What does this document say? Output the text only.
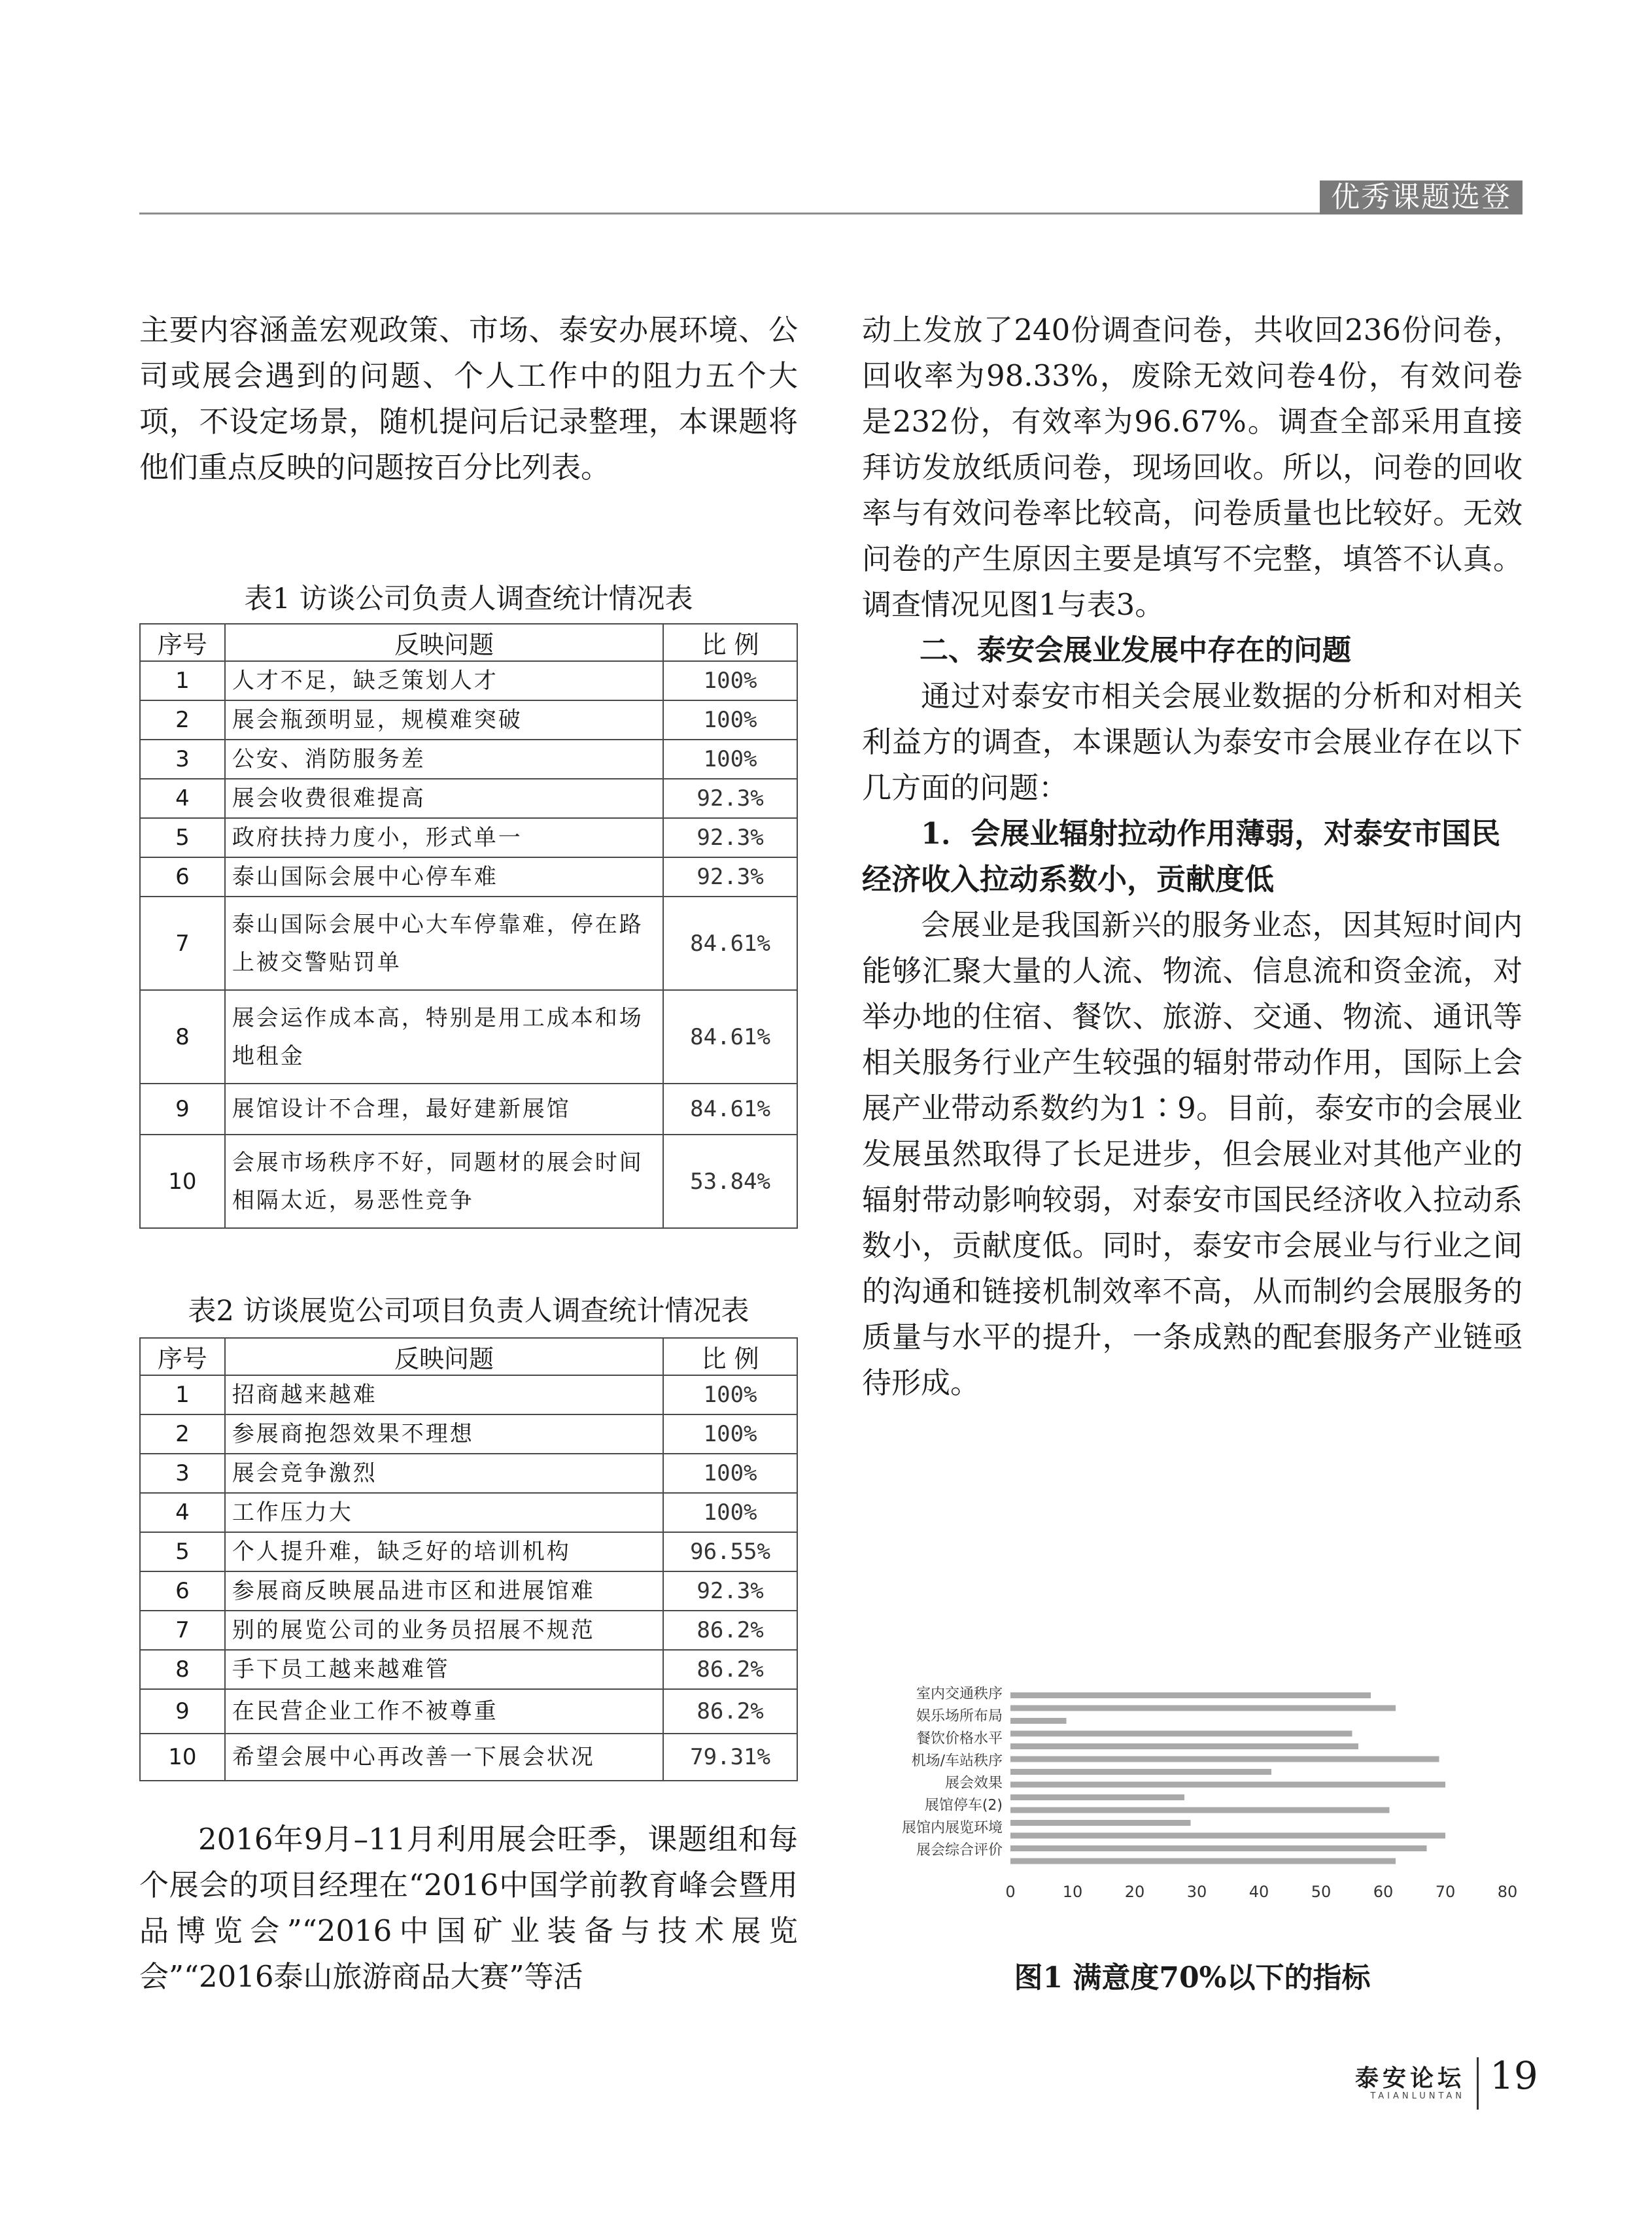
优秀课题选登

主要内容涵盖宏观政策、市场、泰安办展环境、公司或展会遇到的问题、个人工作中的阻力五个大项，不设定场景，随机提问后记录整理，本课题将他们重点反映的问题按百分比列表。

表1 访谈公司负责人调查统计情况表
序号	反映问题	比 例
1	人才不足，缺乏策划人才	100%
2	展会瓶颈明显，规模难突破	100%
3	公安、消防服务差	100%
4	展会收费很难提高	92.3%
5	政府扶持力度小，形式单一	92.3%
6	泰山国际会展中心停车难	92.3%
7	泰山国际会展中心大车停靠难，停在路上被交警贴罚单	84.61%
8	展会运作成本高，特别是用工成本和场地租金	84.61%
9	展馆设计不合理，最好建新展馆	84.61%
10	会展市场秩序不好，同题材的展会时间相隔太近，易恶性竞争	53.84%
表2 访谈展览公司项目负责人调查统计情况表
序号	反映问题	比 例
1	招商越来越难	100%
2	参展商抱怨效果不理想	100%
3	展会竞争激烈	100%
4	工作压力大	100%
5	个人提升难，缺乏好的培训机构	96.55%
6	参展商反映展品进市区和进展馆难	92.3%
7	别的展览公司的业务员招展不规范	86.2%
8	手下员工越来越难管	86.2%
9	在民营企业工作不被尊重	86.2%
10	希望会展中心再改善一下展会状况	79.31%

2016年9月–11月利用展会旺季，课题组和每个展会的项目经理在“2016中国学前教育峰会暨用品博览会”“2016中国矿业装备与技术展览会”“2016泰山旅游商品大赛”等活

动上发放了240份调查问卷，共收回236份问卷，回收率为98.33%，废除无效问卷4份，有效问卷是232份，有效率为96.67%。调查全部采用直接拜访发放纸质问卷，现场回收。所以，问卷的回收率与有效问卷率比较高，问卷质量也比较好。无效问卷的产生原因主要是填写不完整，填答不认真。调查情况见图1与表3。

二、泰安会展业发展中存在的问题

通过对泰安市相关会展业数据的分析和对相关利益方的调查，本课题认为泰安市会展业存在以下几方面的问题：

1．会展业辐射拉动作用薄弱，对泰安市国民经济收入拉动系数小，贡献度低

会展业是我国新兴的服务业态，因其短时间内能够汇聚大量的人流、物流、信息流和资金流，对举办地的住宿、餐饮、旅游、交通、物流、通讯等相关服务行业产生较强的辐射带动作用，国际上会展产业带动系数约为1∶9。目前，泰安市的会展业发展虽然取得了长足进步，但会展业对其他产业的辐射带动影响较弱，对泰安市国民经济收入拉动系数小，贡献度低。同时，泰安市会展业与行业之间的沟通和链接机制效率不高，从而制约会展服务的质量与水平的提升，一条成熟的配套服务产业链亟待形成。

室内交通秩序
娱乐场所布局
餐饮价格水平
机场/车站秩序
展会效果
展馆停车(2)
展馆内展览环境
展会综合评价
0	10	20	30	40	50	60	70	80
图1 满意度70%以下的指标
泰安论坛
TAIANLUNTAN 19
